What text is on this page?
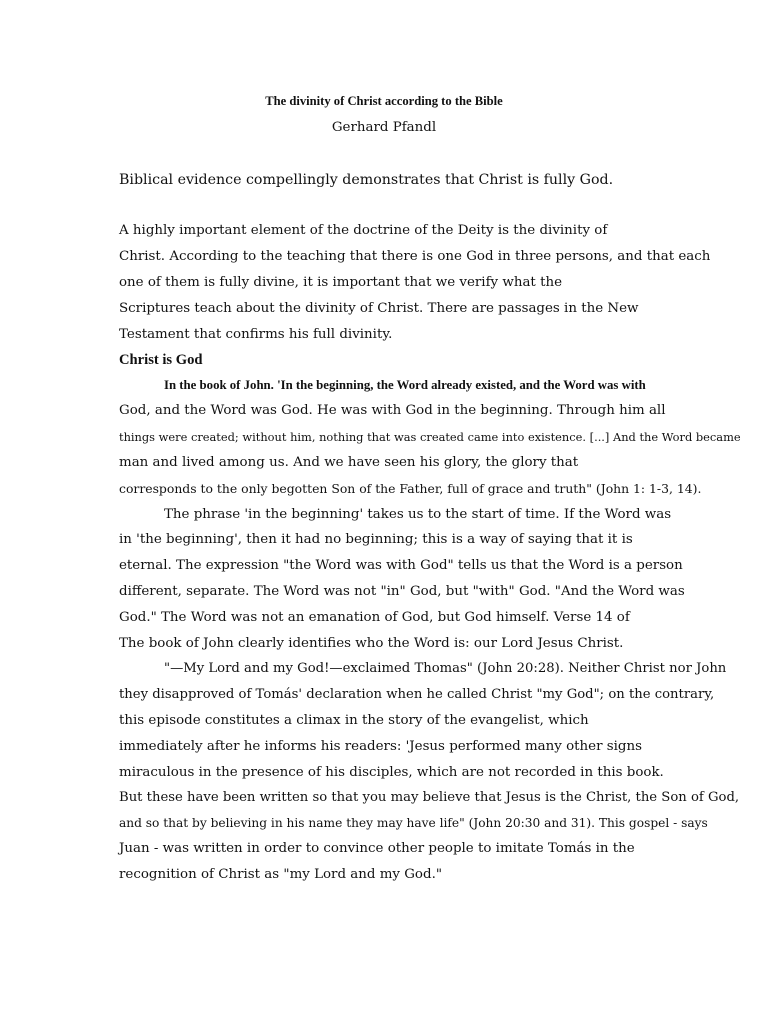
The divinity of Christ according to the Bible
Gerhard Pfandl
Biblical evidence compellingly demonstrates that Christ is fully God.
A highly important element of the doctrine of the Deity is the divinity of
Christ. According to the teaching that there is one God in three persons, and that each
one of them is fully divine, it is important that we verify what the
Scriptures teach about the divinity of Christ. There are passages in the New
Testament that confirms his full divinity.
Christ is God
In the book of John. 'In the beginning, the Word already existed, and the Word was with
God, and the Word was God. He was with God in the beginning. Through him all
things were created; without him, nothing that was created came into existence. [...] And the Word became
man and lived among us. And we have seen his glory, the glory that
corresponds to the only begotten Son of the Father, full of grace and truth" (John 1: 1-3, 14).
The phrase 'in the beginning' takes us to the start of time. If the Word was
in 'the beginning', then it had no beginning; this is a way of saying that it is
eternal. The expression "the Word was with God" tells us that the Word is a person
different, separate. The Word was not "in" God, but "with" God. "And the Word was
God." The Word was not an emanation of God, but God himself. Verse 14 of
The book of John clearly identifies who the Word is: our Lord Jesus Christ.
"—My Lord and my God!—exclaimed Thomas" (John 20:28). Neither Christ nor John
they disapproved of Tomás' declaration when he called Christ "my God"; on the contrary,
this episode constitutes a climax in the story of the evangelist, which
immediately after he informs his readers: 'Jesus performed many other signs
miraculous in the presence of his disciples, which are not recorded in this book.
But these have been written so that you may believe that Jesus is the Christ, the Son of God,
and so that by believing in his name they may have life" (John 20:30 and 31). This gospel - says
Juan - was written in order to convince other people to imitate Tomás in the
recognition of Christ as "my Lord and my God."
